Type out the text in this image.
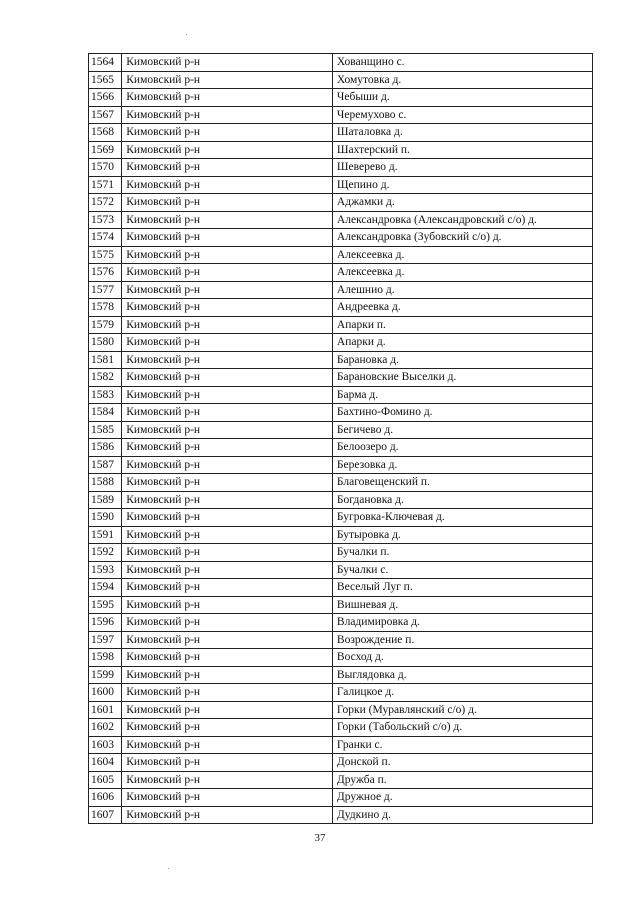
1564	Кимовский р-н	Хованщино с.
1565	Кимовский р-н	Хомутовка д.
1566	Кимовский р-н	Чебыши д.
1567	Кимовский р-н	Черемухово с.
1568	Кимовский р-н	Шаталовка д.
1569	Кимовский р-н	Шахтерский п.
1570	Кимовский р-н	Шеверево д.
1571	Кимовский р-н	Щепино д.
1572	Кимовский р-н	Аджамки д.
1573	Кимовский р-н	Александровка (Александровский с/о) д.
1574	Кимовский р-н	Александровка (Зубовский с/о) д.
1575	Кимовский р-н	Алексеевка д.
1576	Кимовский р-н	Алексеевка д.
1577	Кимовский р-н	Алешнио д.
1578	Кимовский р-н	Андреевка д.
1579	Кимовский р-н	Апарки п.
1580	Кимовский р-н	Апарки д.
1581	Кимовский р-н	Барановка д.
1582	Кимовский р-н	Барановские Выселки д.
1583	Кимовский р-н	Барма д.
1584	Кимовский р-н	Бахтино-Фомино д.
1585	Кимовский р-н	Бегичево д.
1586	Кимовский р-н	Белоозеро д.
1587	Кимовский р-н	Березовка д.
1588	Кимовский р-н	Благовещенский п.
1589	Кимовский р-н	Богдановка д.
1590	Кимовский р-н	Бугровка-Ключевая д.
1591	Кимовский р-н	Бутыровка д.
1592	Кимовский р-н	Бучалки п.
1593	Кимовский р-н	Бучалки с.
1594	Кимовский р-н	Веселый Луг п.
1595	Кимовский р-н	Вишневая д.
1596	Кимовский р-н	Владимировка д.
1597	Кимовский р-н	Возрождение п.
1598	Кимовский р-н	Восход д.
1599	Кимовский р-н	Выглядовка д.
1600	Кимовский р-н	Галицкое д.
1601	Кимовский р-н	Горки (Муравлянский с/о) д.
1602	Кимовский р-н	Горки (Табольский с/о) д.
1603	Кимовский р-н	Гранки с.
1604	Кимовский р-н	Донской п.
1605	Кимовский р-н	Дружба п.
1606	Кимовский р-н	Дружное д.
1607	Кимовский р-н	Дудкино д.
37
